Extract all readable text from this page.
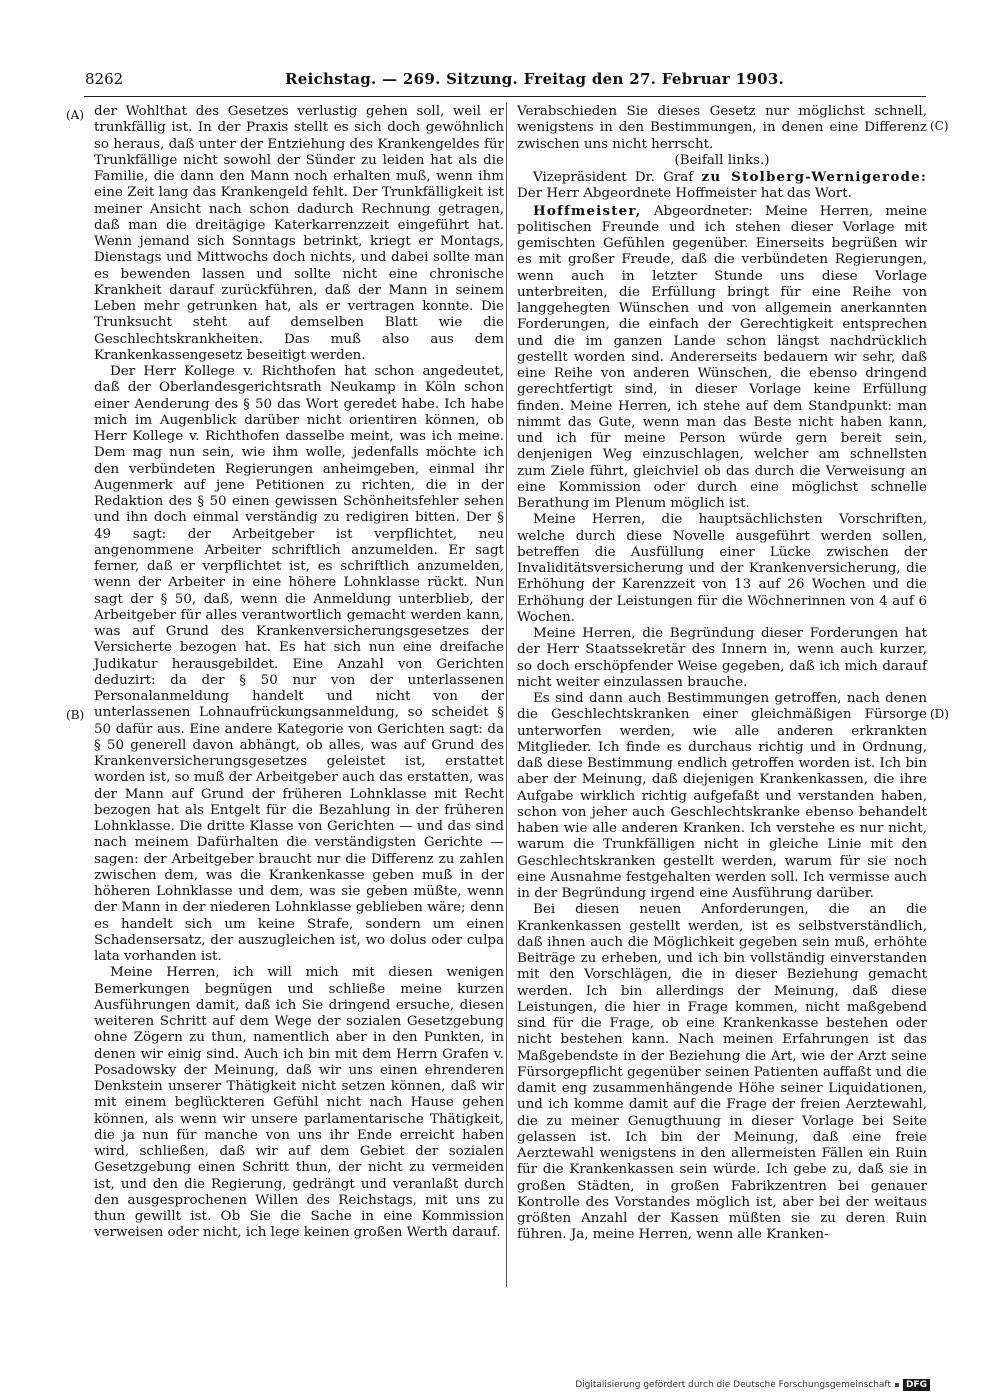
8262	Reichstag. — 269. Sitzung. Freitag den 27. Februar 1903.
(A)
(B)
(C)
(D)

der Wohlthat des Gesetzes verlustig gehen soll, weil er trunkfällig ist. In der Praxis stellt es sich doch gewöhnlich so heraus, daß unter der Entziehung des Krankengeldes für Trunkfällige nicht sowohl der Sünder zu leiden hat als die Familie, die dann den Mann noch erhalten muß, wenn ihm eine Zeit lang das Krankengeld fehlt. Der Trunkfälligkeit ist meiner Ansicht nach schon dadurch Rechnung getragen, daß man die dreitägige Katerkarrenzzeit eingeführt hat. Wenn jemand sich Sonntags betrinkt, kriegt er Montags, Dienstags und Mittwochs doch nichts, und dabei sollte man es bewenden lassen und sollte nicht eine chronische Krankheit darauf zurückführen, daß der Mann in seinem Leben mehr getrunken hat, als er vertragen konnte. Die Trunksucht steht auf demselben Blatt wie die Geschlechtskrankheiten. Das muß also aus dem Krankenkassengesetz beseitigt werden.

Der Herr Kollege v. Richthofen hat schon angedeutet, daß der Oberlandesgerichtsrath Neukamp in Köln schon einer Aenderung des § 50 das Wort geredet habe. Ich habe mich im Augenblick darüber nicht orientiren können, ob Herr Kollege v. Richthofen dasselbe meint, was ich meine. Dem mag nun sein, wie ihm wolle, jedenfalls möchte ich den verbündeten Regierungen anheimgeben, einmal ihr Augenmerk auf jene Petitionen zu richten, die in der Redaktion des § 50 einen gewissen Schönheitsfehler sehen und ihn doch einmal verständig zu redigiren bitten. Der § 49 sagt: der Arbeitgeber ist verpflichtet, neu angenommene Arbeiter schriftlich anzumelden. Er sagt ferner, daß er verpflichtet ist, es schriftlich anzumelden, wenn der Arbeiter in eine höhere Lohnklasse rückt. Nun sagt der § 50, daß, wenn die Anmeldung unterblieb, der Arbeitgeber für alles verantwortlich gemacht werden kann, was auf Grund des Krankenversicherungsgesetzes der Versicherte bezogen hat. Es hat sich nun eine dreifache Judikatur herausgebildet. Eine Anzahl von Gerichten deduzirt: da der § 50 nur von der unterlassenen Personalanmeldung handelt und nicht von der unterlassenen Lohnaufrückungsanmeldung, so scheidet § 50 dafür aus. Eine andere Kategorie von Gerichten sagt: da § 50 generell davon abhängt, ob alles, was auf Grund des Krankenversicherungsgesetzes geleistet ist, erstattet worden ist, so muß der Arbeitgeber auch das erstatten, was der Mann auf Grund der früheren Lohnklasse mit Recht bezogen hat als Entgelt für die Bezahlung in der früheren Lohnklasse. Die dritte Klasse von Gerichten — und das sind nach meinem Dafürhalten die verständigsten Gerichte — sagen: der Arbeitgeber braucht nur die Differenz zu zahlen zwischen dem, was die Krankenkasse geben muß in der höheren Lohnklasse und dem, was sie geben müßte, wenn der Mann in der niederen Lohnklasse geblieben wäre; denn es handelt sich um keine Strafe, sondern um einen Schadensersatz, der auszugleichen ist, wo dolus oder culpa lata vorhanden ist.

Meine Herren, ich will mich mit diesen wenigen Bemerkungen begnügen und schließe meine kurzen Ausführungen damit, daß ich Sie dringend ersuche, diesen weiteren Schritt auf dem Wege der sozialen Gesetzgebung ohne Zögern zu thun, namentlich aber in den Punkten, in denen wir einig sind. Auch ich bin mit dem Herrn Grafen v. Posadowsky der Meinung, daß wir uns einen ehrenderen Denkstein unserer Thätigkeit nicht setzen können, daß wir mit einem beglückteren Gefühl nicht nach Hause gehen können, als wenn wir unsere parlamentarische Thätigkeit, die ja nun für manche von uns ihr Ende erreicht haben wird, schließen, daß wir auf dem Gebiet der sozialen Gesetzgebung einen Schritt thun, der nicht zu vermeiden ist, und den die Regierung, gedrängt und veranlaßt durch den ausgesprochenen Willen des Reichstags, mit uns zu thun gewillt ist. Ob Sie die Sache in eine Kommission verweisen oder nicht, ich lege keinen großen Werth darauf.

Verabschieden Sie dieses Gesetz nur möglichst schnell, wenigstens in den Bestimmungen, in denen eine Differenz zwischen uns nicht herrscht.

(Beifall links.)

Vizepräsident Dr. Graf zu Stolberg-Wernigerode: Der Herr Abgeordnete Hoffmeister hat das Wort.

Hoffmeister, Abgeordneter: Meine Herren, meine politischen Freunde und ich stehen dieser Vorlage mit gemischten Gefühlen gegenüber. Einerseits begrüßen wir es mit großer Freude, daß die verbündeten Regierungen, wenn auch in letzter Stunde uns diese Vorlage unterbreiten, die Erfüllung bringt für eine Reihe von langgehegten Wünschen und von allgemein anerkannten Forderungen, die einfach der Gerechtigkeit entsprechen und die im ganzen Lande schon längst nachdrücklich gestellt worden sind. Andererseits bedauern wir sehr, daß eine Reihe von anderen Wünschen, die ebenso dringend gerechtfertigt sind, in dieser Vorlage keine Erfüllung finden. Meine Herren, ich stehe auf dem Standpunkt: man nimmt das Gute, wenn man das Beste nicht haben kann, und ich für meine Person würde gern bereit sein, denjenigen Weg einzuschlagen, welcher am schnellsten zum Ziele führt, gleichviel ob das durch die Verweisung an eine Kommission oder durch eine möglichst schnelle Berathung im Plenum möglich ist.

Meine Herren, die hauptsächlichsten Vorschriften, welche durch diese Novelle ausgeführt werden sollen, betreffen die Ausfüllung einer Lücke zwischen der Invaliditätsversicherung und der Krankenversicherung, die Erhöhung der Karenzzeit von 13 auf 26 Wochen und die Erhöhung der Leistungen für die Wöchnerinnen von 4 auf 6 Wochen.

Meine Herren, die Begründung dieser Forderungen hat der Herr Staatssekretär des Innern in, wenn auch kurzer, so doch erschöpfender Weise gegeben, daß ich mich darauf nicht weiter einzulassen brauche.

Es sind dann auch Bestimmungen getroffen, nach denen die Geschlechtskranken einer gleichmäßigen Fürsorge unterworfen werden, wie alle anderen erkrankten Mitglieder. Ich finde es durchaus richtig und in Ordnung, daß diese Bestimmung endlich getroffen worden ist. Ich bin aber der Meinung, daß diejenigen Krankenkassen, die ihre Aufgabe wirklich richtig aufgefaßt und verstanden haben, schon von jeher auch Geschlechtskranke ebenso behandelt haben wie alle anderen Kranken. Ich verstehe es nur nicht, warum die Trunkfälligen nicht in gleiche Linie mit den Geschlechtskranken gestellt werden, warum für sie noch eine Ausnahme festgehalten werden soll. Ich vermisse auch in der Begründung irgend eine Ausführung darüber.

Bei diesen neuen Anforderungen, die an die Krankenkassen gestellt werden, ist es selbstverständlich, daß ihnen auch die Möglichkeit gegeben sein muß, erhöhte Beiträge zu erheben, und ich bin vollständig einverstanden mit den Vorschlägen, die in dieser Beziehung gemacht werden. Ich bin allerdings der Meinung, daß diese Leistungen, die hier in Frage kommen, nicht maßgebend sind für die Frage, ob eine Krankenkasse bestehen oder nicht bestehen kann. Nach meinen Erfahrungen ist das Maßgebendste in der Beziehung die Art, wie der Arzt seine Fürsorgepflicht gegenüber seinen Patienten auffaßt und die damit eng zusammenhängende Höhe seiner Liquidationen, und ich komme damit auf die Frage der freien Aerztewahl, die zu meiner Genugthuung in dieser Vorlage bei Seite gelassen ist. Ich bin der Meinung, daß eine freie Aerztewahl wenigstens in den allermeisten Fällen ein Ruin für die Krankenkassen sein würde. Ich gebe zu, daß sie in großen Städten, in großen Fabrikzentren bei genauer Kontrolle des Vorstandes möglich ist, aber bei der weitaus größten Anzahl der Kassen müßten sie zu deren Ruin führen. Ja, meine Herren, wenn alle Kranken-

Digitalisierung gefördert durch die Deutsche Forschungsgemeinschaft	DFG
